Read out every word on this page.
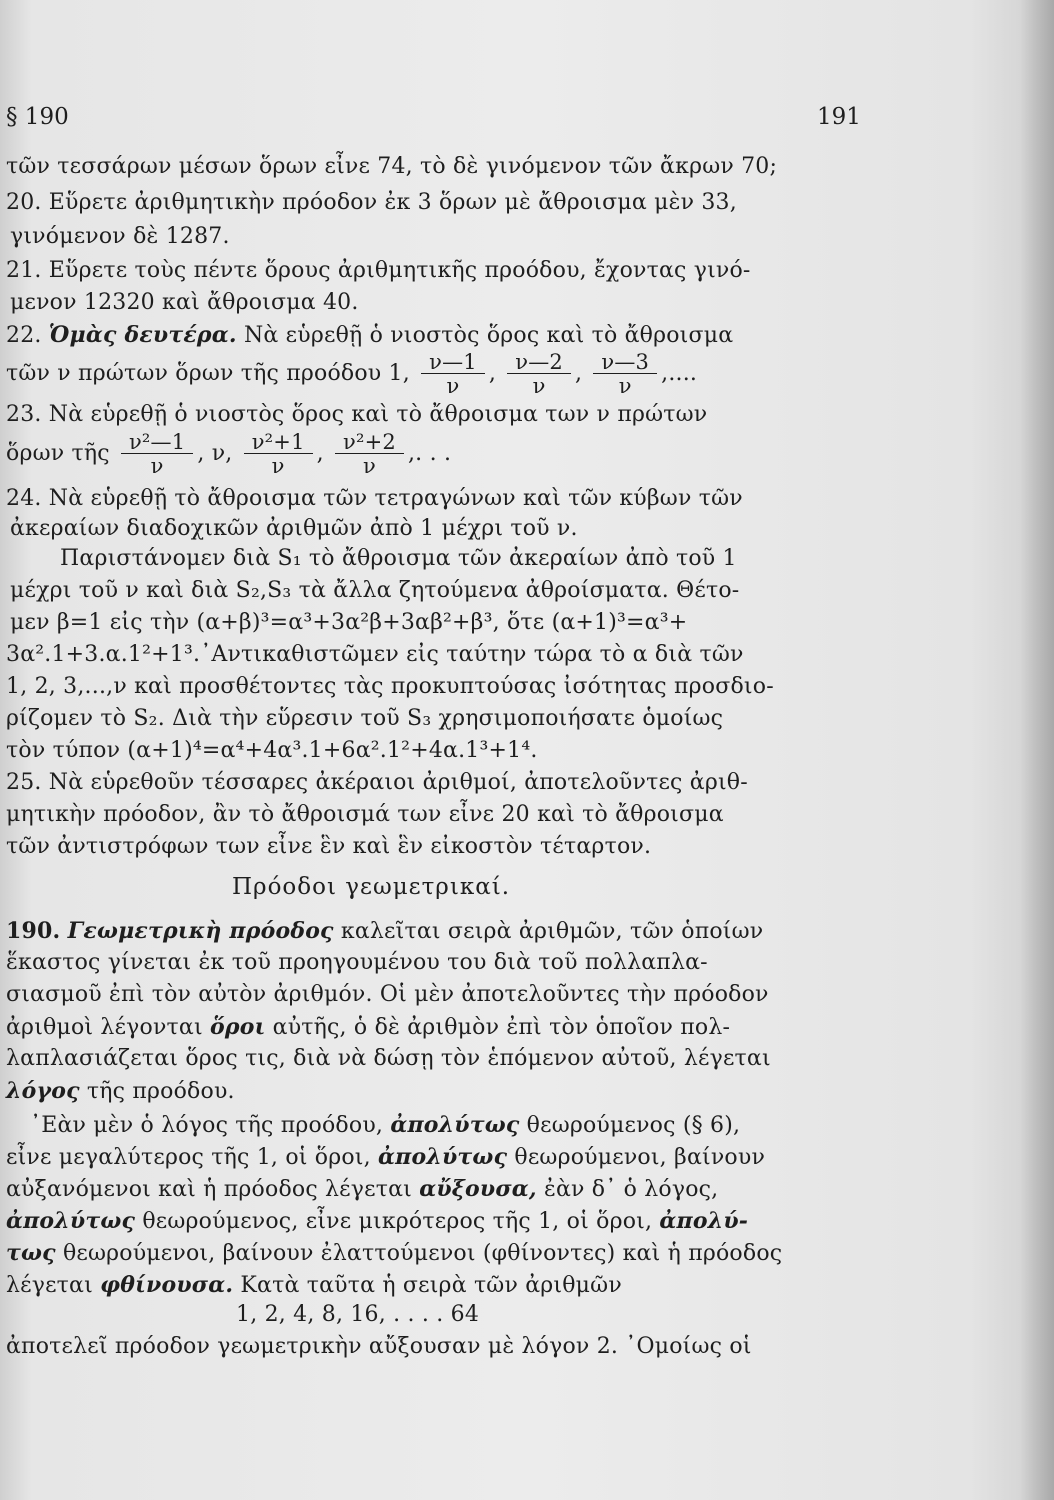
§ 190	191

τῶν τεσσάρων μέσων ὅρων εἶνε 74, τὸ δὲ γινόμενον τῶν ἄκρων 70;

20. Εὕρετε ἀριθμητικὴν πρόοδον ἐκ 3 ὅρων μὲ ἄθροισμα μὲν 33,

γινόμενον δὲ 1287.

21. Εὕρετε τοὺς πέντε ὅρους ἀριθμητικῆς προόδου, ἔχοντας γινό-

μενον 12320 καὶ ἄθροισμα 40.

22. Ὁμὰς δευτέρα. Νὰ εὑρεθῇ ὁ νιοστὸς ὅρος καὶ τὸ ἄθροισμα

τῶν ν πρώτων ὅρων τῆς προόδου 1, $\frac{\nu—1}{\nu}$ , $\frac{\nu—2}{\nu}$ , $\frac{\nu—3}{\nu}$ ,....

23. Νὰ εὑρεθῇ ὁ νιοστὸς ὅρος καὶ τὸ ἄθροισμα των ν πρώτων

ὅρων τῆς $\frac{\text{ν²—1}}{\nu}$ , ν, $\frac{\text{ν²+1}}{\nu}$ , $\frac{\text{ν²+2}}{\nu}$ ,. . .

24. Νὰ εὑρεθῇ τὸ ἄθροισμα τῶν τετραγώνων καὶ τῶν κύβων τῶν

ἀκεραίων διαδοχικῶν ἀριθμῶν ἀπὸ 1 μέχρι τοῦ ν.

Παριστάνομεν διὰ S₁ τὸ ἄθροισμα τῶν ἀκεραίων ἀπὸ τοῦ 1

μέχρι τοῦ ν καὶ διὰ S₂,S₃ τὰ ἄλλα ζητούμενα ἀθροίσματα. Θέτο-

μεν β=1 εἰς τὴν (α+β)³=α³+3α²β+3αβ²+β³, ὅτε (α+1)³=α³+

3α².1+3.α.1²+1³.᾽Αντικαθιστῶμεν εἰς ταύτην τώρα τὸ α διὰ τῶν

1, 2, 3,...,ν καὶ προσθέτοντες τὰς προκυπτούσας ἰσότητας προσδιο-

ρίζομεν τὸ S₂. Διὰ τὴν εὕρεσιν τοῦ S₃ χρησιμοποιήσατε ὁμοίως

τὸν τύπον (α+1)⁴=α⁴+4α³.1+6α².1²+4α.1³+1⁴.

25. Νὰ εὑρεθοῦν τέσσαρες ἀκέραιοι ἀριθμοί, ἀποτελοῦντες ἀριθ-

μητικὴν πρόοδον, ἂν τὸ ἄθροισμά των εἶνε 20 καὶ τὸ ἄθροισμα

τῶν ἀντιστρόφων των εἶνε ἓν καὶ ἓν εἰκοστὸν τέταρτον.

Πρόοδοι γεωμετρικαί.

190. Γεωμετρικὴ πρόοδος καλεῖται σειρὰ ἀριθμῶν, τῶν ὁποίων

ἕκαστος γίνεται ἐκ τοῦ προηγουμένου του διὰ τοῦ πολλαπλα-

σιασμοῦ ἐπὶ τὸν αὐτὸν ἀριθμόν. Οἱ μὲν ἀποτελοῦντες τὴν πρόοδον

ἀριθμοὶ λέγονται ὅροι αὐτῆς, ὁ δὲ ἀριθμὸν ἐπὶ τὸν ὁποῖον πολ-

λαπλασιάζεται ὅρος τις, διὰ νὰ δώσῃ τὸν ἑπόμενον αὐτοῦ, λέγεται

λόγος τῆς προόδου.

᾽Εὰν μὲν ὁ λόγος τῆς προόδου, ἀπολύτως θεωρούμενος (§ 6),

εἶνε μεγαλύτερος τῆς 1, οἱ ὅροι, ἀπολύτως θεωρούμενοι, βαίνουν

αὐξανόμενοι καὶ ἡ πρόοδος λέγεται αὔξουσα, ἐὰν δ᾽ ὁ λόγος,

ἀπολύτως θεωρούμενος, εἶνε μικρότερος τῆς 1, οἱ ὅροι, ἀπολύ-

τως θεωρούμενοι, βαίνουν ἐλαττούμενοι (φθίνοντες) καὶ ἡ πρόοδος

λέγεται φθίνουσα. Κατὰ ταῦτα ἡ σειρὰ τῶν ἀριθμῶν

1, 2, 4, 8, 16, . . . . 64

ἀποτελεῖ πρόοδον γεωμετρικὴν αὔξουσαν μὲ λόγον 2. ᾽Ομοίως οἱ
